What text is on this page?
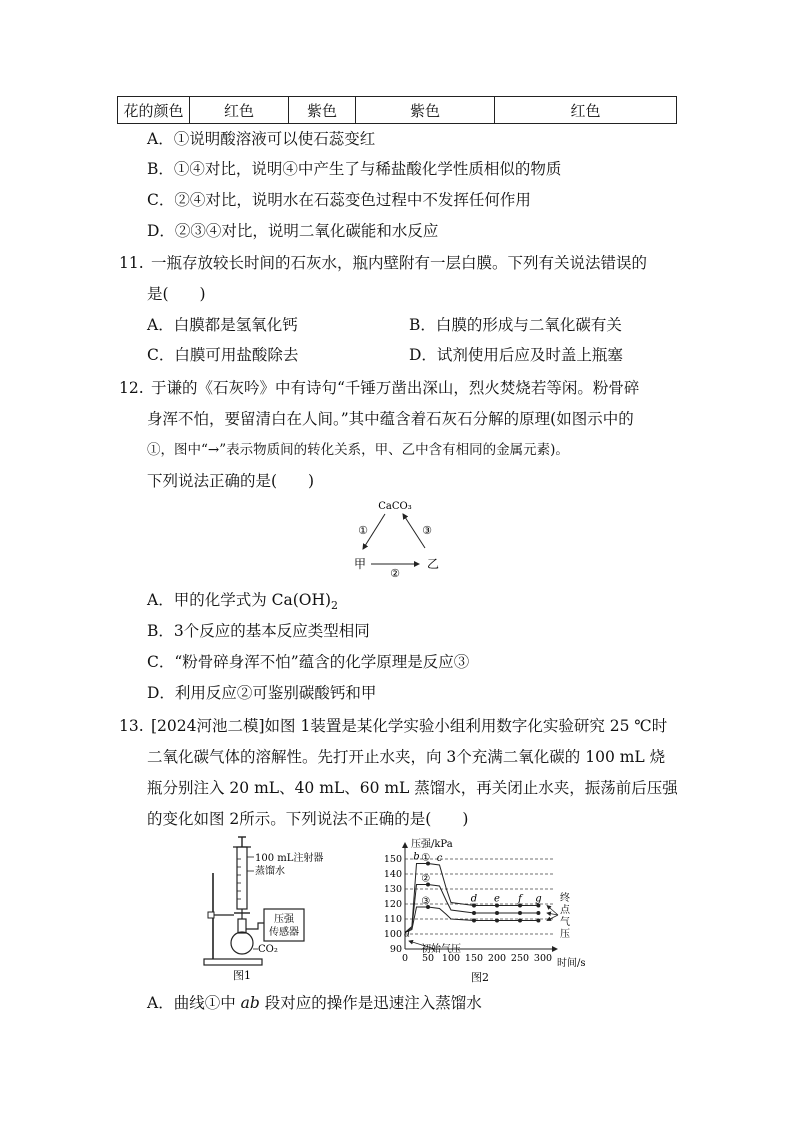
花的颜色	红色	紫色	紫色	红色
A．①说明酸溶液可以使石蕊变红
B．①④对比，说明④中产生了与稀盐酸化学性质相似的物质
C．②④对比，说明水在石蕊变色过程中不发挥任何作用
D．②③④对比，说明二氧化碳能和水反应
11. 一瓶存放较长时间的石灰水，瓶内壁附有一层白膜。下列有关说法错误的
是(　　)
A．白膜都是氢氧化钙	B．白膜的形成与二氧化碳有关
C．白膜可用盐酸除去	D．试剂使用后应及时盖上瓶塞
12. 于谦的《石灰吟》中有诗句“千锤万凿出深山，烈火焚烧若等闲。粉骨碎
身浑不怕，要留清白在人间。”其中蕴含着石灰石分解的原理(如图示中的
①，图中“→”表示物质间的转化关系，甲、乙中含有相同的金属元素)。
下列说法正确的是(　　)
CaCO₃
①	③
②
甲	乙
A．甲的化学式为 $Ca(OH)_2$
B．3个反应的基本反应类型相同
C．“粉骨碎身浑不怕”蕴含的化学原理是反应③
D．利用反应②可鉴别碳酸钙和甲
13. [2024河池二模]如图 1装置是某化学实验小组利用数字化实验研究 25 ℃时
二氧化碳气体的溶解性。先打开止水夹，向 3个充满二氧化碳的 100 mL 烧
瓶分别注入 20 mL、40 mL、60 mL 蒸馏水，再关闭止水夹，振荡前后压强
的变化如图 2所示。下列说法不正确的是(　　)
压强
传感器
100 mL注射器
蒸馏水
CO₂
图1
90
100
110
120
130
140
150
0 50 100 150 200 250 300
①
②
③
压强/kPa
时间/s
图2
初始气压
终
点
气
压
a
b c
d e f g
A．曲线①中 ab 段对应的操作是迅速注入蒸馏水
